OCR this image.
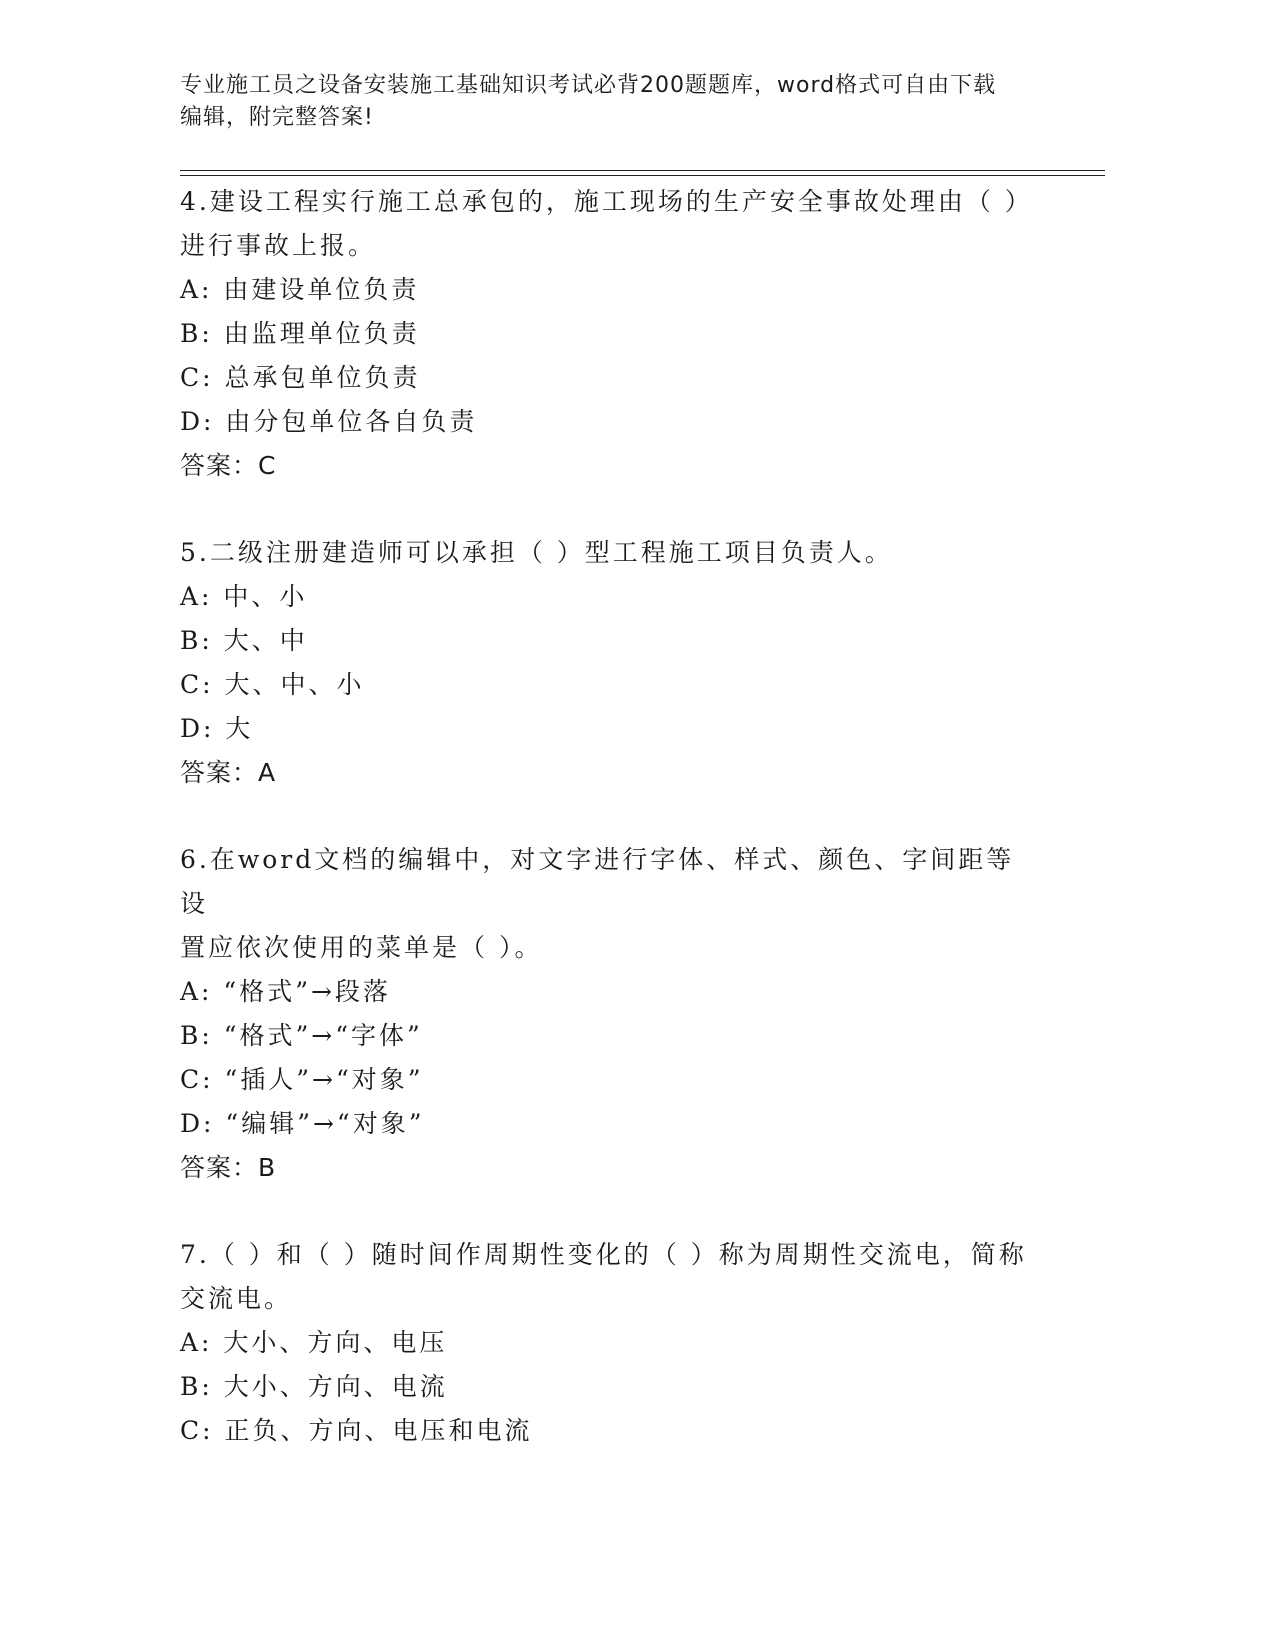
专业施工员之设备安装施工基础知识考试必背200题题库，word格式可自由下载
编辑，附完整答案!
4.建设工程实行施工总承包的，施工现场的生产安全事故处理由（ ）
进行事故上报。
A: 由建设单位负责
B: 由监理单位负责
C: 总承包单位负责
D: 由分包单位各自负责
答案：C
5.二级注册建造师可以承担（ ）型工程施工项目负责人。
A: 中、小
B: 大、中
C: 大、中、小
D: 大
答案：A
6.在word文档的编辑中，对文字进行字体、样式、颜色、字间距等设
置应依次使用的菜单是（ ）。
A: “格式”→段落
B: “格式”→“字体”
C: “插人”→“对象”
D: “编辑”→“对象”
答案：B
7.（ ）和（ ）随时间作周期性变化的（ ）称为周期性交流电，简称
交流电。
A: 大小、方向、电压
B: 大小、方向、电流
C: 正负、方向、电压和电流
